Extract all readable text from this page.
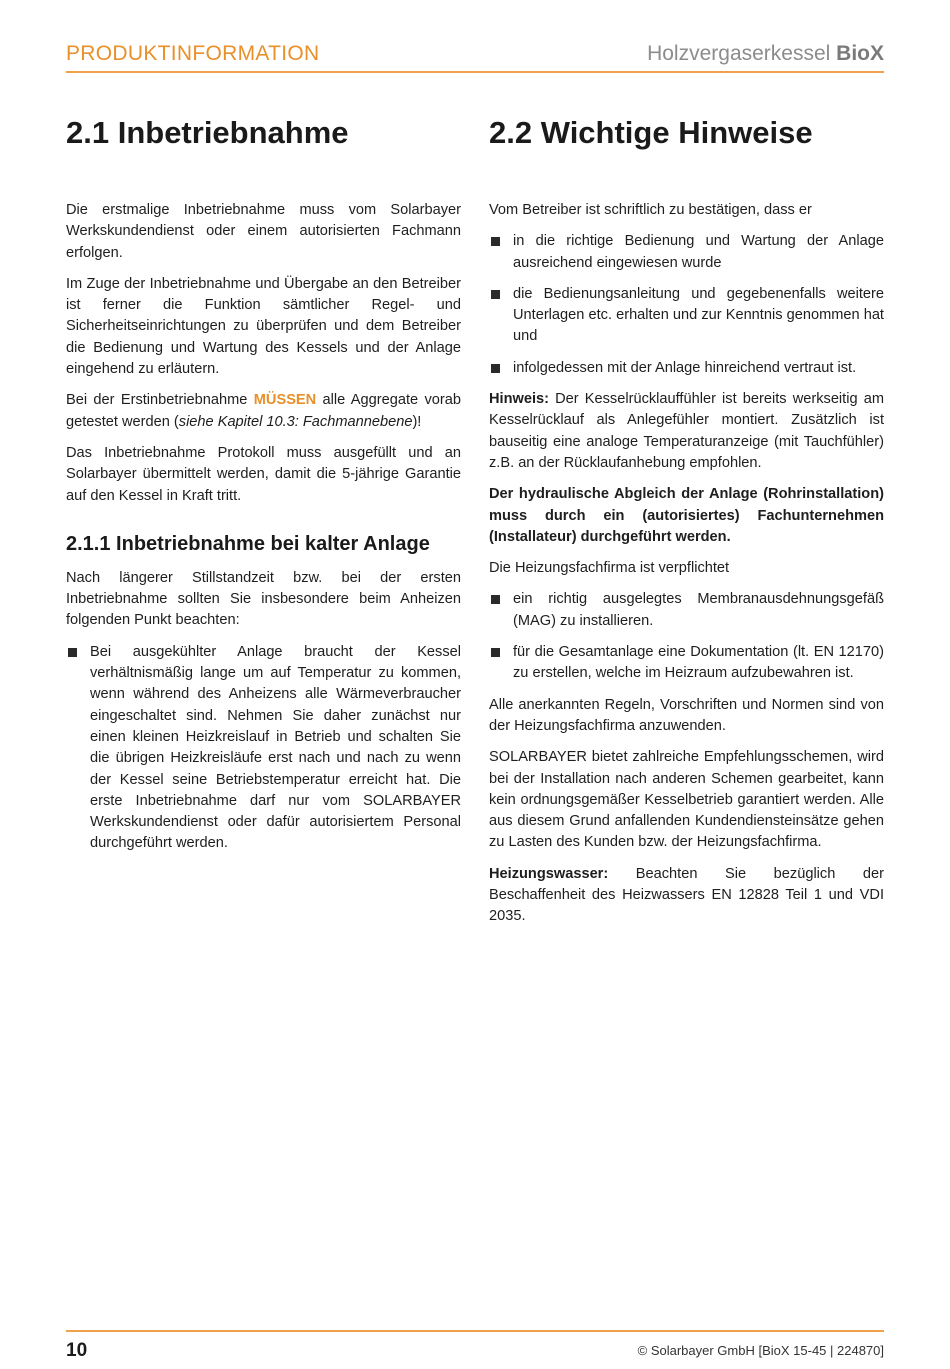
PRODUKTINFORMATION	Holzvergaserkessel BioX
2.1 Inbetriebnahme

Die erstmalige Inbetriebnahme muss vom Solarbayer Werkskundendienst oder einem autorisierten Fachmann erfolgen.

Im Zuge der Inbetriebnahme und Übergabe an den Betreiber ist ferner die Funktion sämtlicher Regel- und Sicherheitseinrichtungen zu überprüfen und dem Betreiber die Bedienung und Wartung des Kessels und der Anlage eingehend zu erläutern.

Bei der Erstinbetriebnahme MÜSSEN alle Aggregate vorab getestet werden (siehe Kapitel 10.3: Fachmannebene)!

Das Inbetriebnahme Protokoll muss ausgefüllt und an Solarbayer übermittelt werden, damit die 5-jährige Garantie auf den Kessel in Kraft tritt.

2.1.1 Inbetriebnahme bei kalter Anlage

Nach längerer Stillstandzeit bzw. bei der ersten Inbetriebnahme sollten Sie insbesondere beim Anheizen folgenden Punkt beachten:

Bei ausgekühlter Anlage braucht der Kessel verhältnismäßig lange um auf Temperatur zu kommen, wenn während des Anheizens alle Wärmeverbraucher eingeschaltet sind. Nehmen Sie daher zunächst nur einen kleinen Heizkreislauf in Betrieb und schalten Sie die übrigen Heizkreisläufe erst nach und nach zu wenn der Kessel seine Betriebstemperatur erreicht hat. Die erste Inbetriebnahme darf nur vom SOLARBAYER Werkskundendienst oder dafür autorisiertem Personal durchgeführt werden.
2.2 Wichtige Hinweise

Vom Betreiber ist schriftlich zu bestätigen, dass er

in die richtige Bedienung und Wartung der Anlage ausreichend eingewiesen wurde
die Bedienungsanleitung und gegebenenfalls weitere Unterlagen etc. erhalten und zur Kenntnis genommen hat und
infolgedessen mit der Anlage hinreichend vertraut ist.

Hinweis: Der Kesselrücklauffühler ist bereits werkseitig am Kesselrücklauf als Anlegefühler montiert. Zusätzlich ist bauseitig eine analoge Temperaturanzeige (mit Tauchfühler) z.B. an der Rücklaufanhebung empfohlen.

Der hydraulische Abgleich der Anlage (Rohrinstallation) muss durch ein (autorisiertes) Fachunternehmen (Installateur) durchgeführt werden.

Die Heizungsfachfirma ist verpflichtet

ein richtig ausgelegtes Membranausdehnungsgefäß (MAG) zu installieren.
für die Gesamtanlage eine Dokumentation (lt. EN 12170) zu erstellen, welche im Heizraum aufzubewahren ist.

Alle anerkannten Regeln, Vorschriften und Normen sind von der Heizungsfachfirma anzuwenden.

SOLARBAYER bietet zahlreiche Empfehlungsschemen, wird bei der Installation nach anderen Schemen gearbeitet, kann kein ordnungsgemäßer Kesselbetrieb garantiert werden. Alle aus diesem Grund anfallenden Kundendiensteinsätze gehen zu Lasten des Kunden bzw. der Heizungsfachfirma.

Heizungswasser: Beachten Sie bezüglich der Beschaffenheit des Heizwassers EN 12828 Teil 1 und VDI 2035.

10	© Solarbayer GmbH [BioX 15-45 | 224870]
